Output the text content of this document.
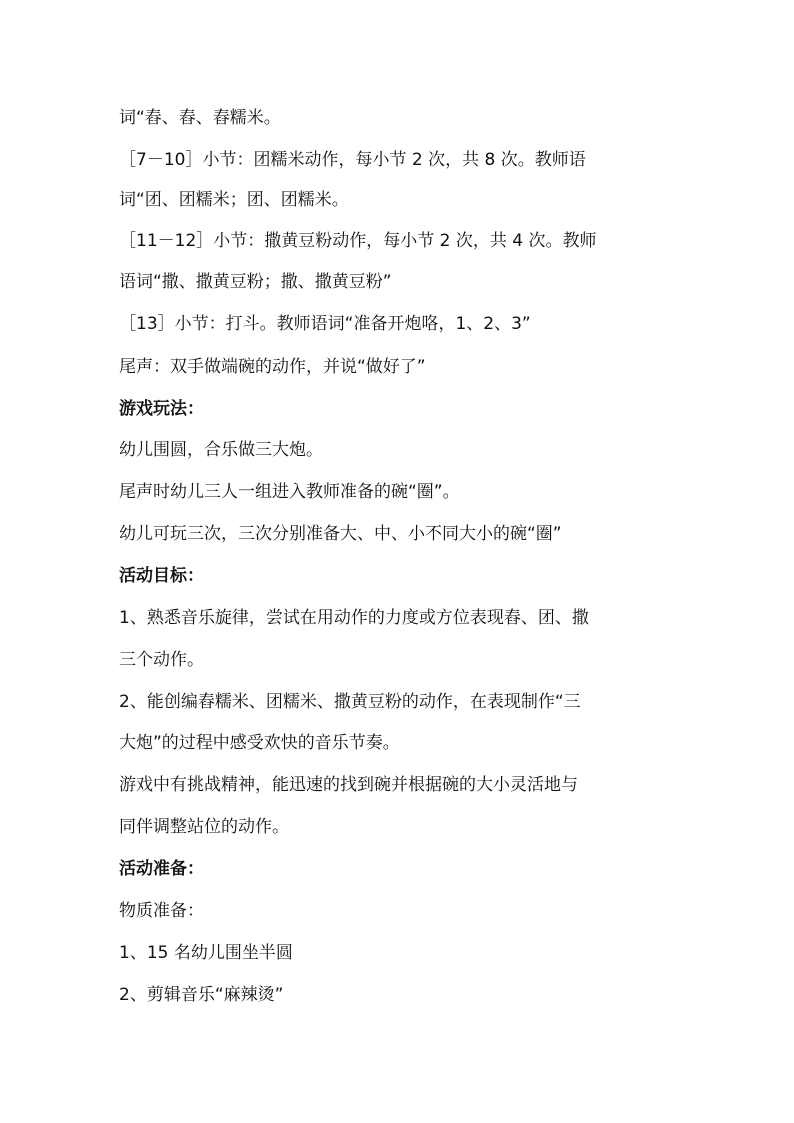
词“舂、舂、舂糯米。
［7－10］小节：团糯米动作，每小节 2 次，共 8 次。教师语
词“团、团糯米；团、团糯米。
［11－12］小节：撒黄豆粉动作，每小节 2 次，共 4 次。教师
语词“撒、撒黄豆粉；撒、撒黄豆粉”
［13］小节：打斗。教师语词“准备开炮咯，1、2、3”
尾声：双手做端碗的动作，并说“做好了”
游戏玩法：
幼儿围圆，合乐做三大炮。
尾声时幼儿三人一组进入教师准备的碗“圈”。
幼儿可玩三次，三次分别准备大、中、小不同大小的碗“圈”
活动目标：
1、熟悉音乐旋律，尝试在用动作的力度或方位表现舂、团、撒
三个动作。
2、能创编舂糯米、团糯米、撒黄豆粉的动作，在表现制作“三
大炮”的过程中感受欢快的音乐节奏。
游戏中有挑战精神，能迅速的找到碗并根据碗的大小灵活地与
同伴调整站位的动作。
活动准备：
物质准备：
1、15 名幼儿围坐半圆
2、剪辑音乐“麻辣烫”
